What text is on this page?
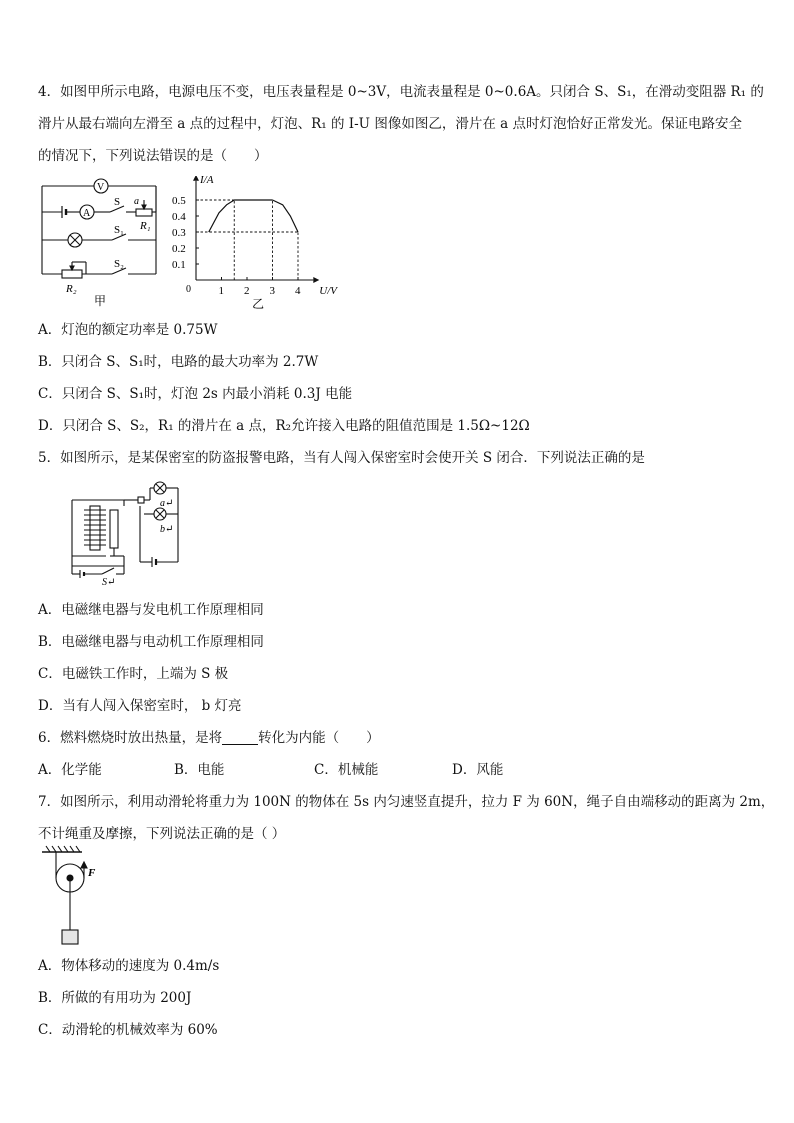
4．如图甲所示电路，电源电压不变，电压表量程是 0~3V，电流表量程是 0~0.6A。只闭合 S、S₁，在滑动变阻器 R₁ 的
滑片从最右端向左滑至 a 点的过程中，灯泡、R₁ 的 I-U 图像如图乙，滑片在 a 点时灯泡恰好正常发光。保证电路安全
的情况下，下列说法错误的是（　　）
V
A
S a
R₁
S₁
S₂
R₂
甲
1 2 3 4
0.1
0.2
0.3
0.4
0.5
I/A
U/V
0
乙
A．灯泡的额定功率是 0.75W
B．只闭合 S、S₁时，电路的最大功率为 2.7W
C．只闭合 S、S₁时，灯泡 2s 内最小消耗 0.3J 电能
D．只闭合 S、S₂，R₁ 的滑片在 a 点，R₂允许接入电路的阻值范围是 1.5Ω~12Ω
5．如图所示，是某保密室的防盗报警电路，当有人闯入保密室时会使开关 S 闭合．下列说法正确的是
a↵
b↵
S↵
A．电磁继电器与发电机工作原理相同
B．电磁继电器与电动机工作原理相同
C．电磁铁工作时，上端为 S 极
D．当有人闯入保密室时， b 灯亮
6．燃料燃烧时放出热量，是将	转化为内能（　　）
A．化学能	B．电能	C．机械能	D．风能
7．如图所示，利用动滑轮将重力为 100N 的物体在 5s 内匀速竖直提升，拉力 F 为 60N，绳子自由端移动的距离为 2m，
不计绳重及摩擦，下列说法正确的是（ ）
F
A．物体移动的速度为 0.4m/s
B．所做的有用功为 200J
C．动滑轮的机械效率为 60%
